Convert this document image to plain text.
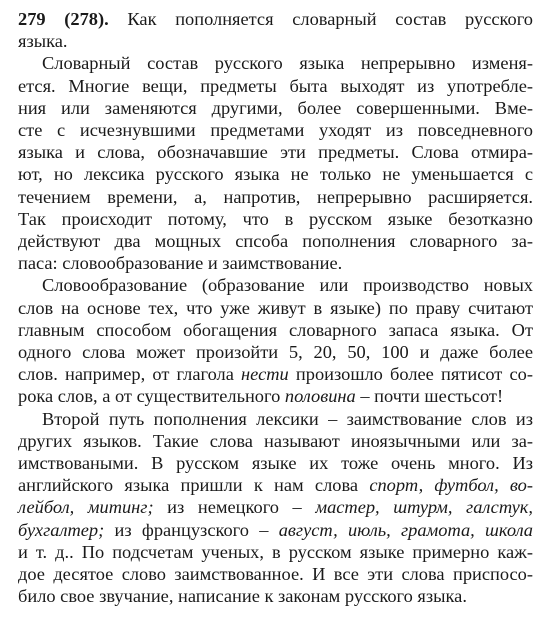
279 (278). Как пополняется словарный состав русского
языка.
Словарный состав русского языка непрерывно изменя-
ется. Многие вещи, предметы быта выходят из употребле-
ния или заменяются другими, более совершенными. Вме-
сте с исчезнувшими предметами уходят из повседневного
языка и слова, обозначавшие эти предметы. Слова отмира-
ют, но лексика русского языка не только не уменьшается с
течением времени, а, напротив, непрерывно расширяется.
Так происходит потому, что в русском языке безотказно
действуют два мощных спсоба пополнения словарного за-
паса: словообразование и заимствование.
Словообразование (образование или производство новых
слов на основе тех, что уже живут в языке) по праву считают
главным способом обогащения словарного запаса языка. От
одного слова может произойти 5, 20, 50, 100 и даже более
слов. например, от глагола нести произошло более пятисот со-
рока слов, а от существительного половина – почти шестьсот!
Второй путь пополнения лексики – заимствование слов из
других языков. Такие слова называют иноязычными или за-
имствоваными. В русском языке их тоже очень много. Из
английского языка пришли к нам слова спорт, футбол, во-
лейбол, митинг; из немецкого – мастер, штурм, галстук,
бухгалтер; из французского – август, июль, грамота, школа
и т. д.. По подсчетам ученых, в русском языке примерно каж-
дое десятое слово заимствованное. И все эти слова приспосо-
било свое звучание, написание к законам русского языка.
